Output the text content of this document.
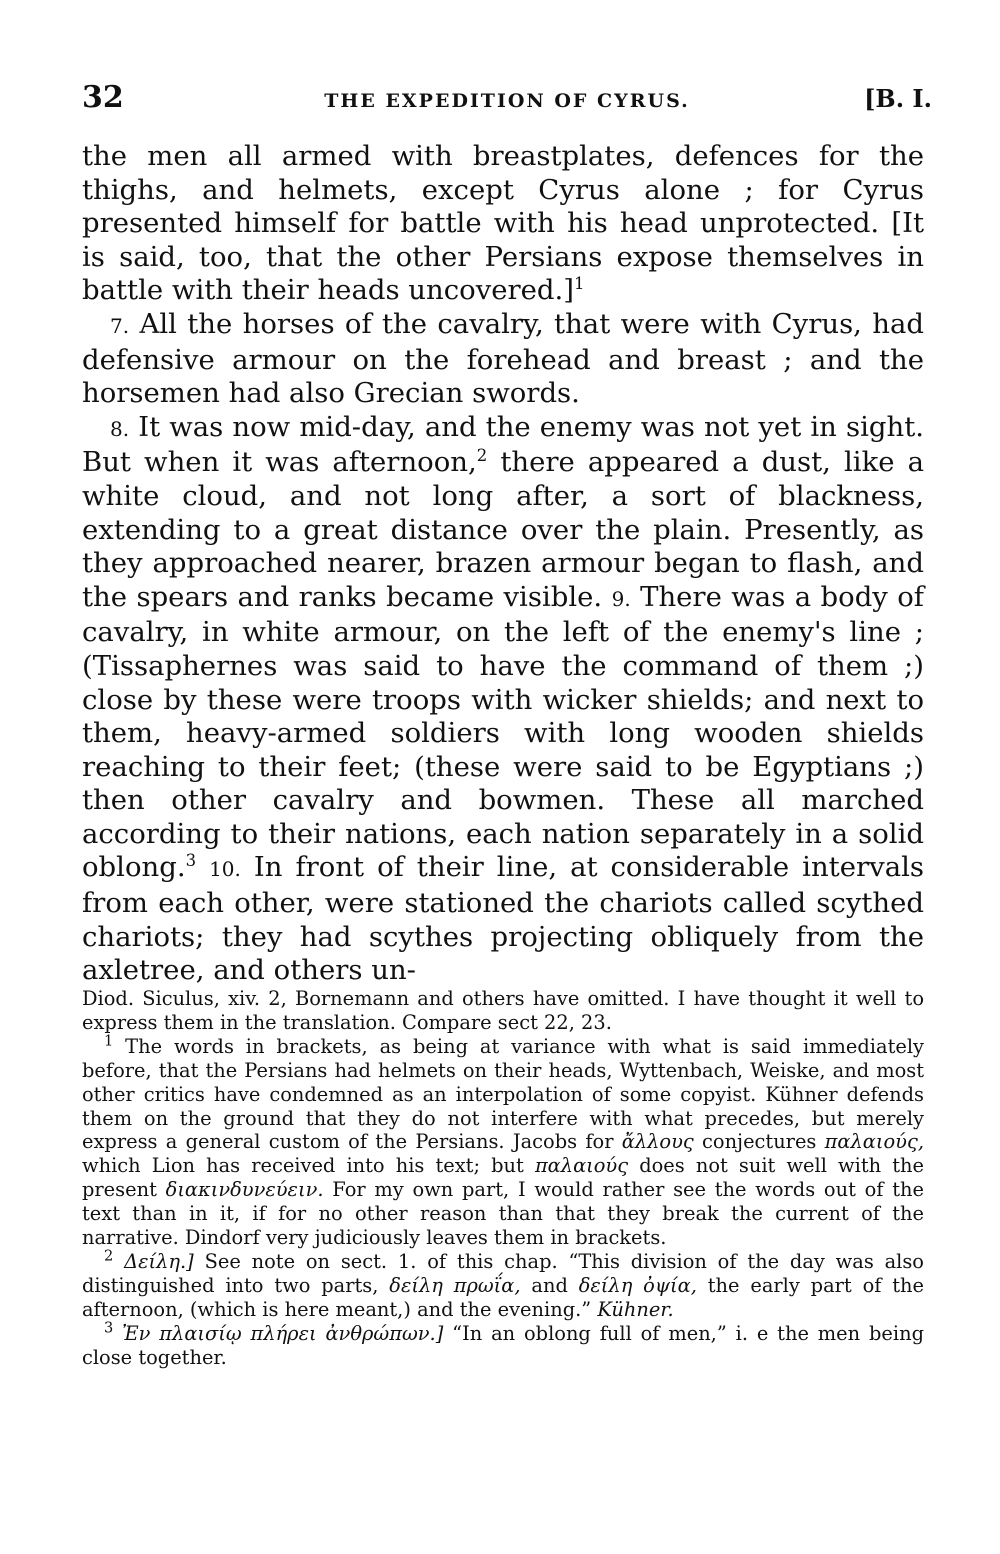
32	THE EXPEDITION OF CYRUS.	[B. I.

the men all armed with breastplates, defences for the thighs, and helmets, except Cyrus alone ; for Cyrus presented himself for battle with his head unprotected. [It is said, too, that the other Persians expose themselves in battle with their heads uncovered.]$^1$

7. All the horses of the cavalry, that were with Cyrus, had defensive armour on the forehead and breast ; and the horsemen had also Grecian swords.

8. It was now mid-day, and the enemy was not yet in sight. But when it was afternoon,$^2$ there appeared a dust, like a white cloud, and not long after, a sort of blackness, extending to a great distance over the plain. Presently, as they approached nearer, brazen armour began to flash, and the spears and ranks became visible. 9. There was a body of cavalry, in white armour, on the left of the enemy's line ; (Tissaphernes was said to have the command of them ;) close by these were troops with wicker shields; and next to them, heavy-armed soldiers with long wooden shields reaching to their feet; (these were said to be Egyptians ;) then other cavalry and bowmen. These all marched according to their nations, each nation separately in a solid oblong.$^3$ 10. In front of their line, at considerable intervals from each other, were stationed the chariots called scythed chariots; they had scythes projecting obliquely from the axletree, and others un-

Diod. Siculus, xiv. 2, Bornemann and others have omitted. I have thought it well to express them in the translation. Compare sect 22, 23.

$^1$ The words in brackets, as being at variance with what is said immediately before, that the Persians had helmets on their heads, Wyttenbach, Weiske, and most other critics have condemned as an interpolation of some copyist. Kühner defends them on the ground that they do not interfere with what precedes, but merely express a general custom of the Persians. Jacobs for ἄλλους conjectures παλαιούς, which Lion has received into his text; but παλαιούς does not suit well with the present διακινδυνεύειν. For my own part, I would rather see the words out of the text than in it, if for no other reason than that they break the current of the narrative. Dindorf very judiciously leaves them in brackets.

$^2$ Δείλη.] See note on sect. 1. of this chap. “This division of the day was also distinguished into two parts, δείλη πρωΐα, and δείλη ὀψία, the early part of the afternoon, (which is here meant,) and the evening.” Kühner.

$^3$ Ἐν πλαισίῳ πλήρει ἀνθρώπων.] “In an oblong full of men,” i. e the men being close together.
